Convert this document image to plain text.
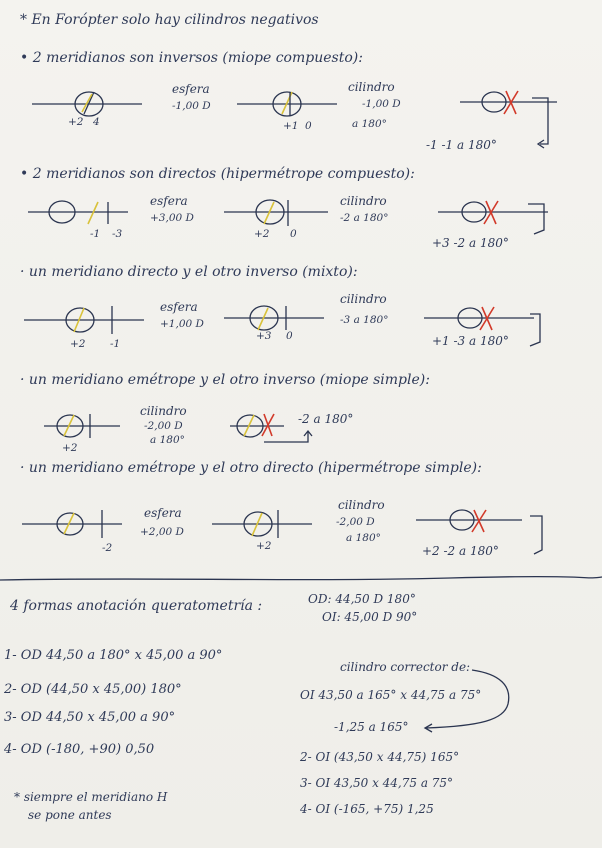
* En Forópter solo hay cilindros negativos
• 2 meridianos son inversos (miope compuesto):
+2 4
esfera
-1,00 D
+1 0
cilindro
-1,00 D
a 180°
-1 -1 a 180°
• 2 meridianos son directos (hipermétrope compuesto):
-1 -3
esfera
+3,00 D
+2 0
cilindro
-2 a 180°
+3 -2 a 180°
· un meridiano directo y el otro inverso (mixto):
+2 -1
esfera
+1,00 D
+3 0
cilindro
-3 a 180°
+1 -3 a 180°
· un meridiano emétrope y el otro inverso (miope simple):
+2
cilindro
-2,00 D
a 180°
-2 a 180°
· un meridiano emétrope y el otro directo (hipermétrope simple):
-2
esfera
+2,00 D
+2
cilindro
-2,00 D
a 180°
+2 -2 a 180°
4 formas anotación queratometría :	OD: 44,50 D 180°
OI: 45,00 D 90°
1- OD 44,50 a 180° x 45,00 a 90°
2- OD (44,50 x 45,00) 180°
3- OD 44,50 x 45,00 a 90°
4- OD (-180, +90) 0,50
* siempre el meridiano H
se pone antes
cilindro corrector de:
OI 43,50 a 165° x 44,75 a 75°
-1,25 a 165°
2- OI (43,50 x 44,75) 165°
3- OI 43,50 x 44,75 a 75°
4- OI (-165, +75) 1,25
